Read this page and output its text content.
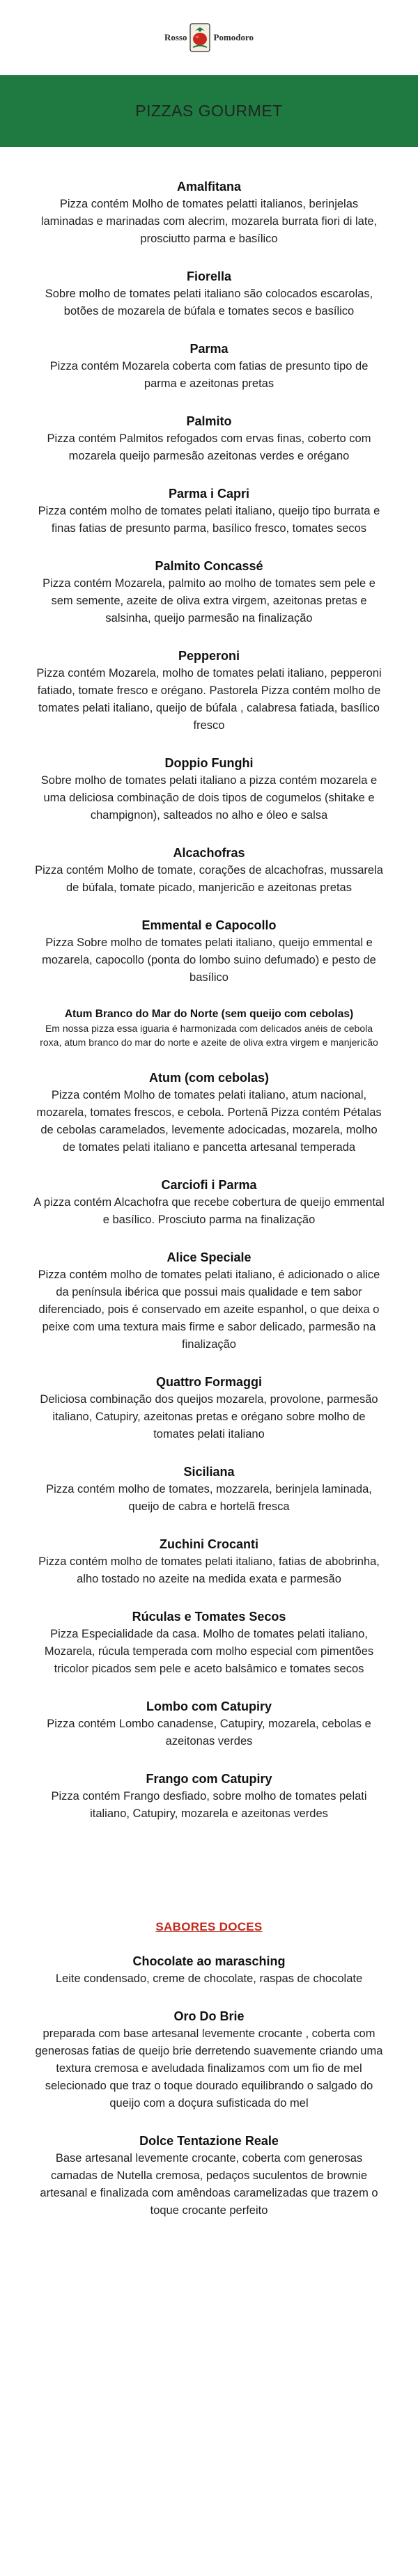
Rosso	Pomodoro
PIZZAS GOURMET
Amalfitana
Pizza contém Molho de tomates pelatti italianos, berinjelas laminadas e marinadas com alecrim, mozarela burrata fiori di late, prosciutto parma e basílico
Fiorella
Sobre molho de tomates pelati italiano são colocados escarolas, botões de mozarela de búfala e tomates secos e basílico
Parma
Pizza contém Mozarela coberta com fatias de presunto tipo de parma e azeitonas pretas
Palmito
Pizza contém Palmitos refogados com ervas finas, coberto com mozarela queijo parmesão azeitonas verdes e orégano
Parma i Capri
Pizza contém molho de tomates pelati italiano, queijo tipo burrata e finas fatias de presunto parma, basílico fresco, tomates secos
Palmito Concassé
Pizza contém Mozarela, palmito ao molho de tomates sem pele e sem semente, azeite de oliva extra virgem, azeitonas pretas e salsinha, queijo parmesão na finalização
Pepperoni
Pizza contém Mozarela, molho de tomates pelati italiano, pepperoni fatiado, tomate fresco e orégano. Pastorela Pizza contém molho de tomates pelati italiano, queijo de búfala , calabresa fatiada, basílico fresco
Doppio Funghi
Sobre molho de tomates pelati italiano a pizza contém mozarela e uma deliciosa combinação de dois tipos de cogumelos (shitake e champignon), salteados no alho e óleo e salsa
Alcachofras
Pizza contém Molho de tomate, corações de alcachofras, mussarela de búfala, tomate picado, manjericão e azeitonas pretas
Emmental e Capocollo
Pizza Sobre molho de tomates pelati italiano, queijo emmental e mozarela, capocollo (ponta do lombo suino defumado) e pesto de basílico
Atum Branco do Mar do Norte (sem queijo com cebolas)
Em nossa pizza essa iguaria é harmonizada com delicados anéis de cebola roxa, atum branco do mar do norte e azeite de oliva extra virgem e manjericão
Atum (com cebolas)
Pizza contém Molho de tomates pelati italiano, atum nacional, mozarela, tomates frescos, e cebola. Portenã Pizza contém Pétalas de cebolas caramelados, levemente adocicadas, mozarela, molho de tomates pelati italiano e pancetta artesanal temperada
Carciofi i Parma
A pizza contém Alcachofra que recebe cobertura de queijo emmental e basílico. Prosciuto parma na finalização
Alice Speciale
Pizza contém molho de tomates pelati italiano, é adicionado o alice da península ibérica que possui mais qualidade e tem sabor diferenciado, pois é conservado em azeite espanhol, o que deixa o peixe com uma textura mais firme e sabor delicado, parmesão na finalização
Quattro Formaggi
Deliciosa combinação dos queijos mozarela, provolone, parmesão italiano, Catupiry, azeitonas pretas e orégano sobre molho de tomates pelati italiano
Siciliana
Pizza contém molho de tomates, mozzarela, berinjela laminada, queijo de cabra e hortelã fresca
Zuchini Crocanti
Pizza contém molho de tomates pelati italiano, fatias de abobrinha, alho tostado no azeite na medida exata e parmesão
Rúculas e Tomates Secos
Pizza Especialidade da casa. Molho de tomates pelati italiano, Mozarela, rúcula temperada com molho especial com pimentões tricolor picados sem pele e aceto balsâmico e tomates secos
Lombo com Catupiry
Pizza contém Lombo canadense, Catupiry, mozarela, cebolas e azeitonas verdes
Frango com Catupiry
Pizza contém Frango desfiado, sobre molho de tomates pelati italiano, Catupiry, mozarela e azeitonas verdes
SABORES DOCES
Chocolate ao marasching
Leite condensado, creme de chocolate, raspas de chocolate
Oro Do Brie
preparada com base artesanal levemente crocante , coberta com generosas fatias de queijo brie derretendo suavemente criando uma textura cremosa e aveludada finalizamos com um fio de mel selecionado que traz o toque dourado equilibrando o salgado do queijo com a doçura sufisticada do mel
Dolce Tentazione Reale
Base artesanal levemente crocante, coberta com generosas camadas de Nutella cremosa, pedaços suculentos de brownie artesanal e finalizada com amêndoas caramelizadas que trazem o toque crocante perfeito
